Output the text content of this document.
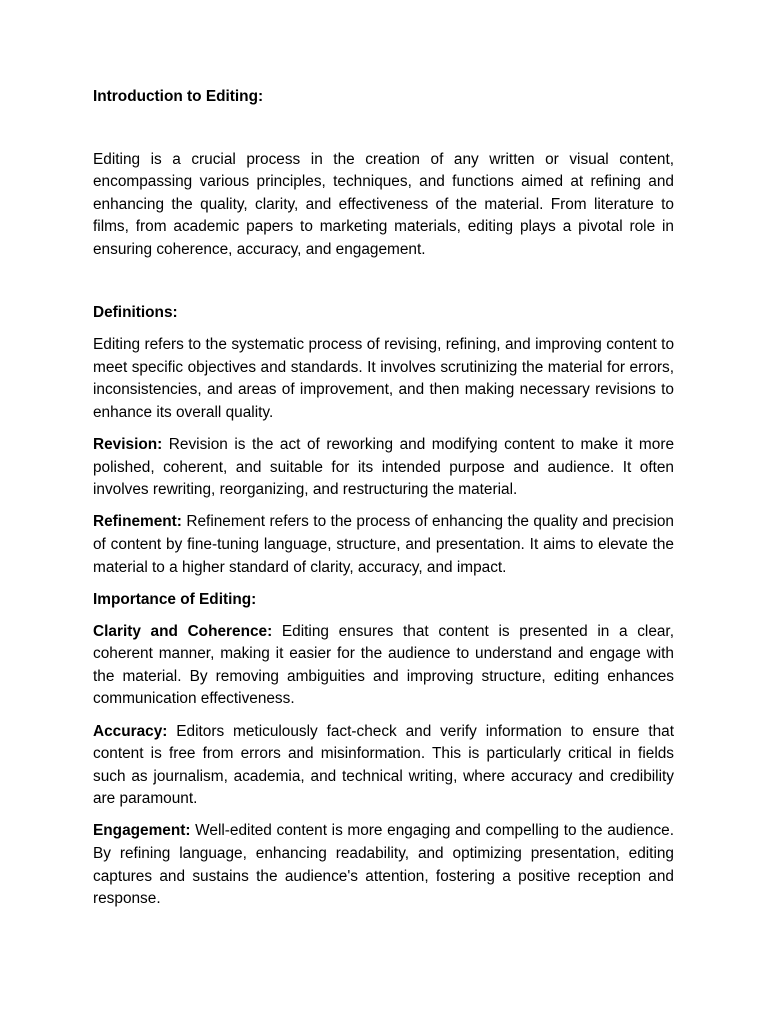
Introduction to Editing:

Editing is a crucial process in the creation of any written or visual content, encompassing various principles, techniques, and functions aimed at refining and enhancing the quality, clarity, and effectiveness of the material. From literature to films, from academic papers to marketing materials, editing plays a pivotal role in ensuring coherence, accuracy, and engagement.

Definitions:

Editing refers to the systematic process of revising, refining, and improving content to meet specific objectives and standards. It involves scrutinizing the material for errors, inconsistencies, and areas of improvement, and then making necessary revisions to enhance its overall quality.

Revision: Revision is the act of reworking and modifying content to make it more polished, coherent, and suitable for its intended purpose and audience. It often involves rewriting, reorganizing, and restructuring the material.

Refinement: Refinement refers to the process of enhancing the quality and precision of content by fine-tuning language, structure, and presentation. It aims to elevate the material to a higher standard of clarity, accuracy, and impact.

Importance of Editing:

Clarity and Coherence: Editing ensures that content is presented in a clear, coherent manner, making it easier for the audience to understand and engage with the material. By removing ambiguities and improving structure, editing enhances communication effectiveness.

Accuracy: Editors meticulously fact-check and verify information to ensure that content is free from errors and misinformation. This is particularly critical in fields such as journalism, academia, and technical writing, where accuracy and credibility are paramount.

Engagement: Well-edited content is more engaging and compelling to the audience. By refining language, enhancing readability, and optimizing presentation, editing captures and sustains the audience's attention, fostering a positive reception and response.
